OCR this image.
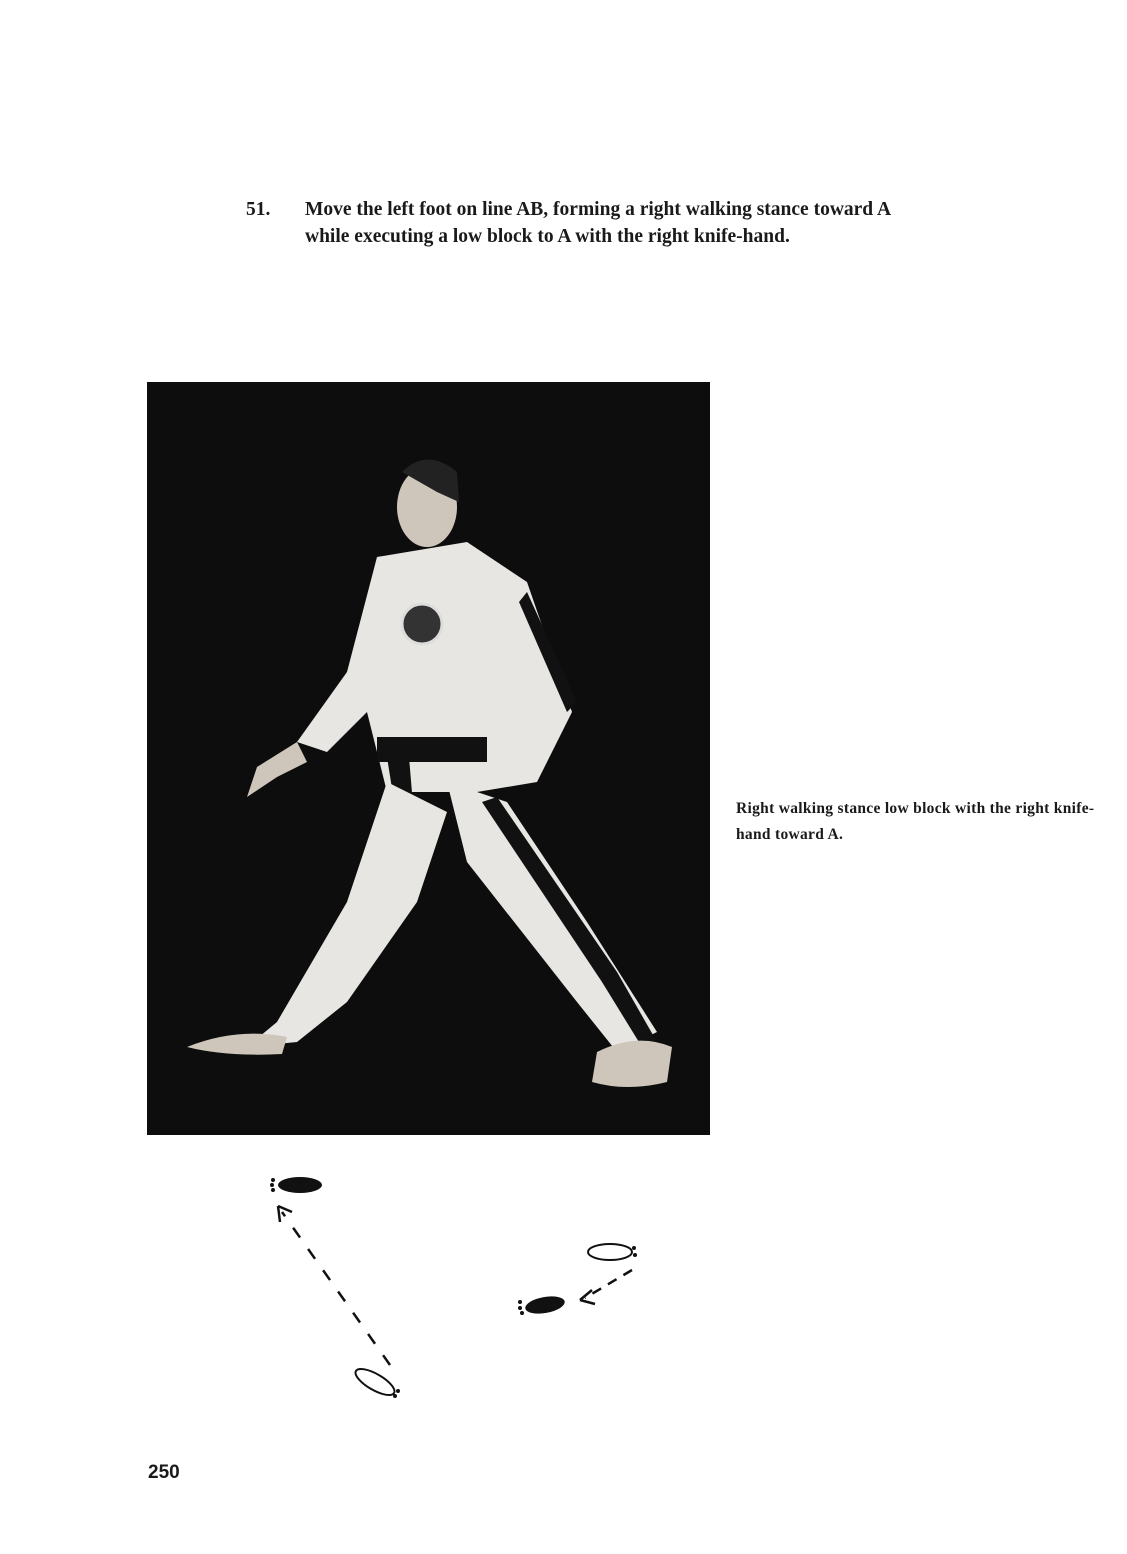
51. Move the left foot on line AB, forming a right walking stance toward A while executing a low block to A with the right knife-hand.
Right walking stance low block with the right knife-hand toward A.
250
